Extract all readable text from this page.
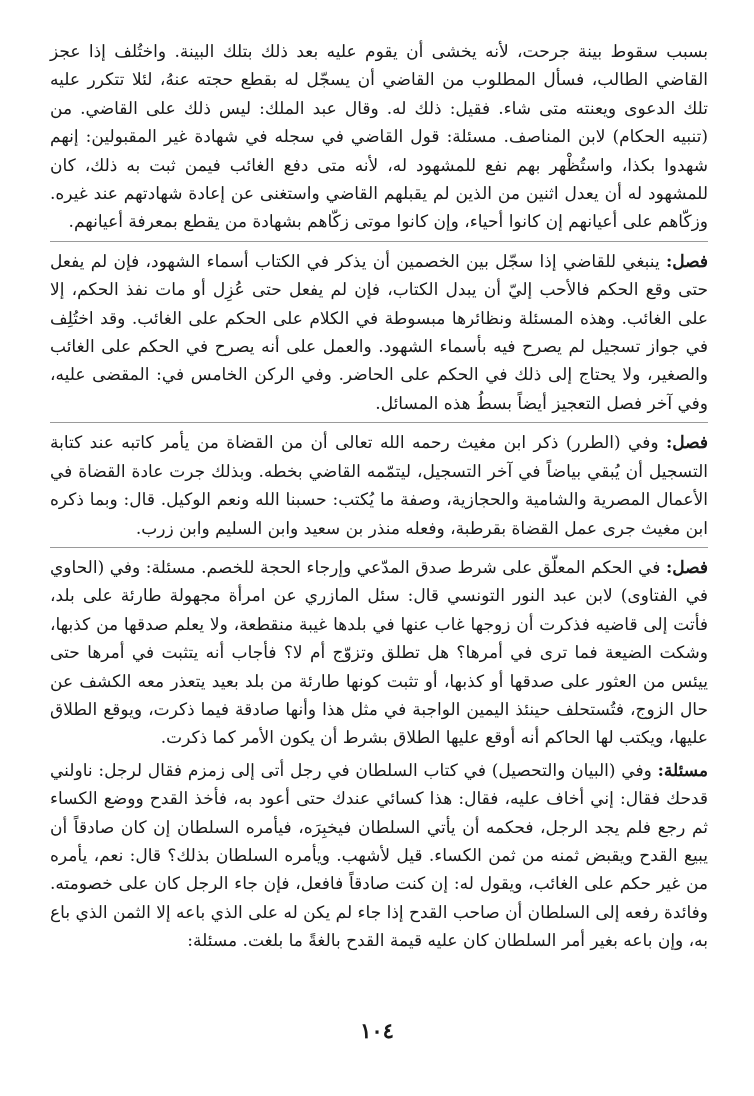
بسبب سقوط بينة جرحت، لأنه يخشى أن يقوم عليه بعد ذلك بتلك البينة. واختُلف إذا عجز القاضي الطالب، فسأل المطلوب من القاضي أن يسجّل له بقطع حجته عنهُ، لئلا تتكرر عليه تلك الدعوى ويعنته متى شاء. فقيل: ذلك له. وقال عبد الملك: ليس ذلك على القاضي. من (تنبيه الحكام) لابن المناصف. مسئلة: قول القاضي في سجله في شهادة غير المقبولين: إنهم شهدوا بكذا، واستُظْهر بهم نفع للمشهود له، لأنه متى دفع الغائب فيمن ثبت به ذلك، كان للمشهود له أن يعدل اثنين من الذين لم يقبلهم القاضي واستغنى عن إعادة شهادتهم عند غيره. وزكّاهم على أعيانهم إن كانوا أحياء، وإن كانوا موتى زكّاهم بشهادة من يقطع بمعرفة أعيانهم.

فصل: ينبغي للقاضي إذا سجّل بين الخصمين أن يذكر في الكتاب أسماء الشهود، فإن لم يفعل حتى وقع الحكم فالأحب إليّ أن يبدل الكتاب، فإن لم يفعل حتى عُزِل أو مات نفذ الحكم، إلا على الغائب. وهذه المسئلة ونظائرها مبسوطة في الكلام على الحكم على الغائب. وقد اختُلِف في جواز تسجيل لم يصرح فيه بأسماء الشهود. والعمل على أنه يصرح في الحكم على الغائب والصغير، ولا يحتاج إلى ذلك في الحكم على الحاضر. وفي الركن الخامس في: المقضى عليه، وفي آخر فصل التعجيز أيضاً بسطُ هذه المسائل.

فصل: وفي (الطرر) ذكر ابن مغيث رحمه الله تعالى أن من القضاة من يأمر كاتبه عند كتابة التسجيل أن يُبقي بياضاً في آخر التسجيل، ليتمّمه القاضي بخطه. وبذلك جرت عادة القضاة في الأعمال المصرية والشامية والحجازية، وصفة ما يُكتب: حسبنا الله ونعم الوكيل. قال: وبما ذكره ابن مغيث جرى عمل القضاة بقرطبة، وفعله منذر بن سعيد وابن السليم وابن زرب.

فصل: في الحكم المعلّق على شرط صدق المدّعي وإرجاء الحجة للخصم. مسئلة: وفي (الحاوي في الفتاوى) لابن عبد النور التونسي قال: سئل المازري عن امرأة مجهولة طارئة على بلد، فأتت إلى قاضيه فذكرت أن زوجها غاب عنها في بلدها غيبة منقطعة، ولا يعلم صدقها من كذبها، وشكت الضيعة فما ترى في أمرها؟ هل تطلق وتزوّج أم لا؟ فأجاب أنه يتثبت في أمرها حتى ييئس من العثور على صدقها أو كذبها، أو تثبت كونها طارئة من بلد بعيد يتعذر معه الكشف عن حال الزوج، فتُستحلف حينئذ اليمين الواجبة في مثل هذا وأنها صادقة فيما ذكرت، ويوقع الطلاق عليها، ويكتب لها الحاكم أنه أوقع عليها الطلاق بشرط أن يكون الأمر كما ذكرت.

مسئلة: وفي (البيان والتحصيل) في كتاب السلطان في رجل أتى إلى زمزم فقال لرجل: ناولني قدحك فقال: إني أخاف عليه، فقال: هذا كسائي عندك حتى أعود به، فأخذ القدح ووضع الكساء ثم رجع فلم يجد الرجل، فحكمه أن يأتي السلطان فيخبِرَه، فيأمره السلطان إن كان صادقاً أن يبيع القدح ويقبض ثمنه من ثمن الكساء. قيل لأشهب. ويأمره السلطان بذلك؟ قال: نعم، يأمره من غير حكم على الغائب، ويقول له: إن كنت صادقاً فافعل، فإن جاء الرجل كان على خصومته. وفائدة رفعه إلى السلطان أن صاحب القدح إذا جاء لم يكن له على الذي باعه إلا الثمن الذي باع به، وإن باعه بغير أمر السلطان كان عليه قيمة القدح بالغةً ما بلغت. مسئلة:

١٠٤
